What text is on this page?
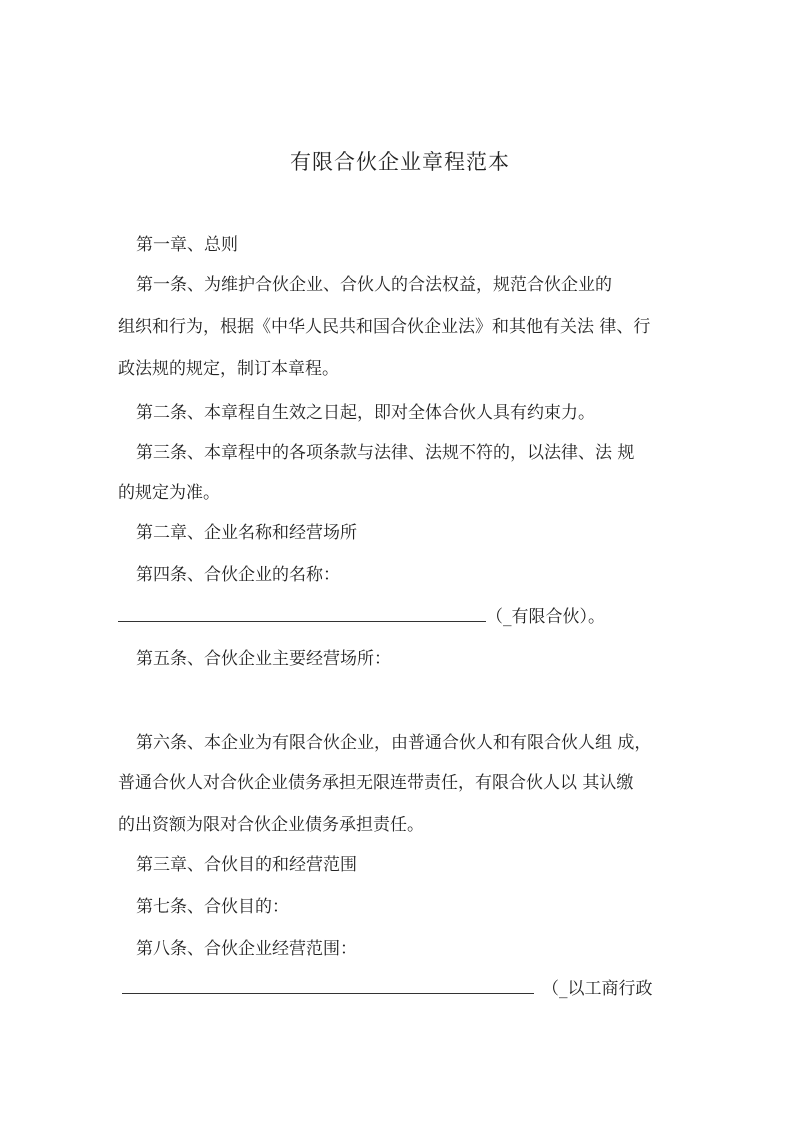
有限合伙企业章程范本
第一章、总则
第一条、为维护合伙企业、合伙人的合法权益，规范合伙企业的
组织和行为，根据《中华人民共和国合伙企业法》和其他有关法 律、行
政法规的规定，制订本章程。
第二条、本章程自生效之日起，即对全体合伙人具有约束力。
第三条、本章程中的各项条款与法律、法规不符的，以法律、法 规
的规定为准。
第二章、企业名称和经营场所
第四条、合伙企业的名称：
（_有限合伙）。
第五条、合伙企业主要经营场所：
第六条、本企业为有限合伙企业，由普通合伙人和有限合伙人组 成，
普通合伙人对合伙企业债务承担无限连带责任，有限合伙人以 其认缴
的出资额为限对合伙企业债务承担责任。
第三章、合伙目的和经营范围
第七条、合伙目的：
第八条、合伙企业经营范围：
（_以工商行政
